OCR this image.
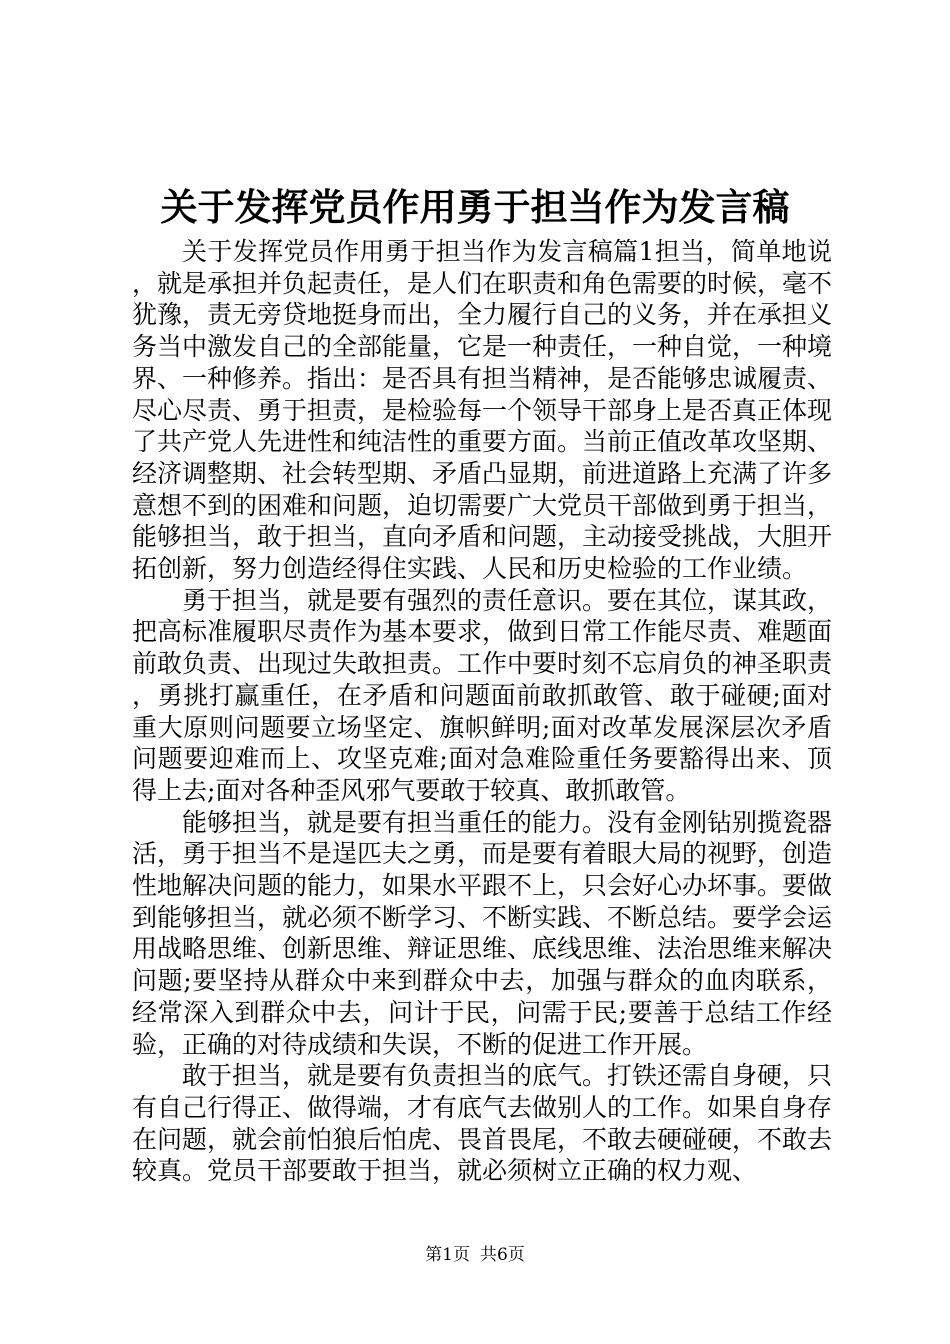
关于发挥党员作用勇于担当作为发言稿

关于发挥党员作用勇于担当作为发言稿篇1担当，简单地说，就是承担并负起责任，是人们在职责和角色需要的时候，毫不犹豫，责无旁贷地挺身而出，全力履行自己的义务，并在承担义务当中激发自己的全部能量，它是一种责任，一种自觉，一种境界、一种修养。指出：是否具有担当精神，是否能够忠诚履责、尽心尽责、勇于担责，是检验每一个领导干部身上是否真正体现了共产党人先进性和纯洁性的重要方面。当前正值改革攻坚期、经济调整期、社会转型期、矛盾凸显期，前进道路上充满了许多意想不到的困难和问题，迫切需要广大党员干部做到勇于担当，能够担当，敢于担当，直向矛盾和问题，主动接受挑战，大胆开拓创新，努力创造经得住实践、人民和历史检验的工作业绩。

勇于担当，就是要有强烈的责任意识。要在其位，谋其政，把高标准履职尽责作为基本要求，做到日常工作能尽责、难题面前敢负责、出现过失敢担责。工作中要时刻不忘肩负的神圣职责，勇挑打赢重任，在矛盾和问题面前敢抓敢管、敢于碰硬;面对重大原则问题要立场坚定、旗帜鲜明;面对改革发展深层次矛盾问题要迎难而上、攻坚克难;面对急难险重任务要豁得出来、顶得上去;面对各种歪风邪气要敢于较真、敢抓敢管。

能够担当，就是要有担当重任的能力。没有金刚钻别揽瓷器活，勇于担当不是逞匹夫之勇，而是要有着眼大局的视野，创造性地解决问题的能力，如果水平跟不上，只会好心办坏事。要做到能够担当，就必须不断学习、不断实践、不断总结。要学会运用战略思维、创新思维、辩证思维、底线思维、法治思维来解决问题;要坚持从群众中来到群众中去，加强与群众的血肉联系，经常深入到群众中去，问计于民，问需于民;要善于总结工作经验，正确的对待成绩和失误，不断的促进工作开展。

敢于担当，就是要有负责担当的底气。打铁还需自身硬，只有自己行得正、做得端，才有底气去做别人的工作。如果自身存在问题，就会前怕狼后怕虎、畏首畏尾，不敢去硬碰硬，不敢去较真。党员干部要敢于担当，就必须树立正确的权力观、

第1页 共6页
